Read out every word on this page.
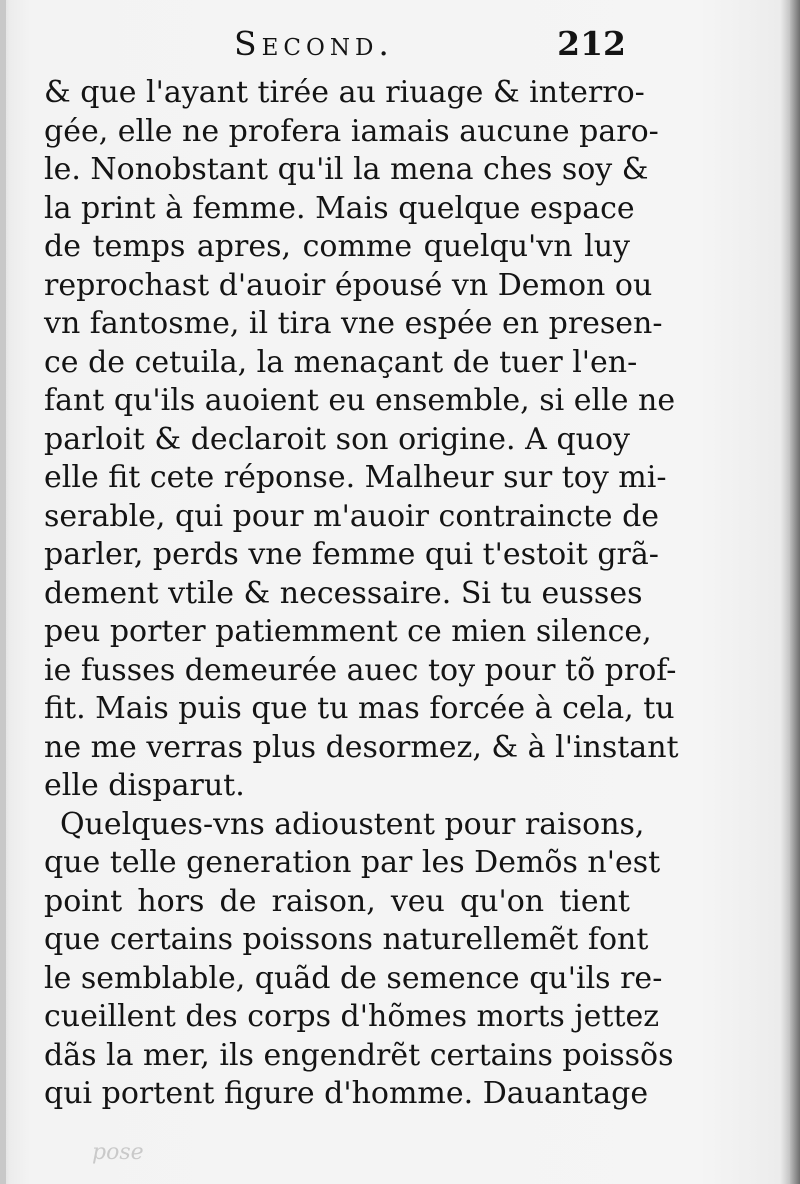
Second.	212
& que l'ayant tirée au riuage & interro-
gée, elle ne profera iamais aucune paro-
le. Nonobstant qu'il la mena ches soy &
la print à femme. Mais quelque espace
de temps apres, comme quelqu'vn luy
reprochast d'auoir épousé vn Demon ou
vn fantosme, il tira vne espée en presen-
ce de cetuila, la menaçant de tuer l'en-
fant qu'ils auoient eu ensemble, si elle ne
parloit & declaroit son origine. A quoy
elle fit cete réponse. Malheur sur toy mi-
serable, qui pour m'auoir contraincte de
parler, perds vne femme qui t'estoit grã-
dement vtile & necessaire. Si tu eusses
peu porter patiemment ce mien silence,
ie fusses demeurée auec toy pour tõ prof-
fit. Mais puis que tu mas forcée à cela, tu
ne me verras plus desormez, & à l'instant
elle disparut.
Quelques-vns adioustent pour raisons,
que telle generation par les Demõs n'est
point hors de raison, veu qu'on tient
que certains poissons naturellemẽt font
le semblable, quãd de semence qu'ils re-
cueillent des corps d'hõmes morts jettez
dãs la mer, ils engendrẽt certains poissõs
qui portent figure d'homme. Dauantage
pose
